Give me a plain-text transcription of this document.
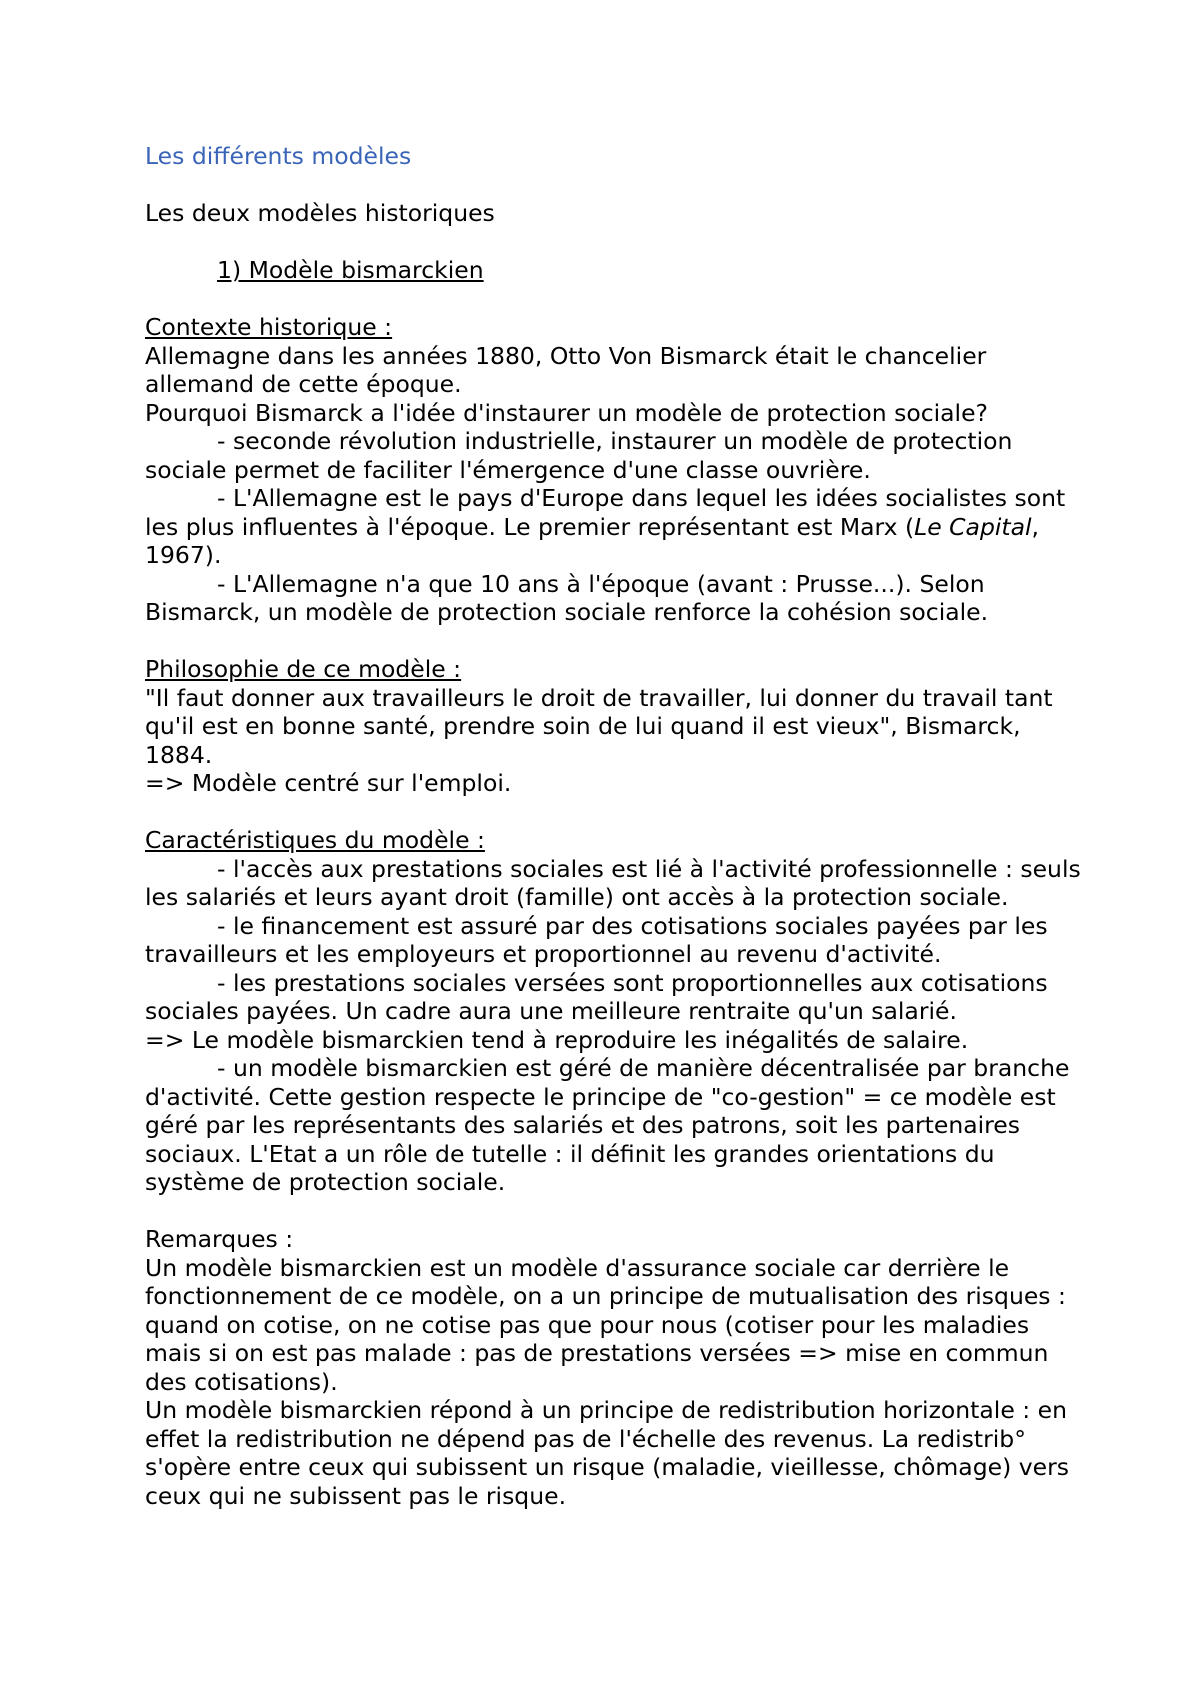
Les différents modèles

Les deux modèles historiques

1) Modèle bismarckien

Contexte historique :

Allemagne dans les années 1880, Otto Von Bismarck était le chancelier allemand de cette époque.

Pourquoi Bismarck a l'idée d'instaurer un modèle de protection sociale?

- seconde révolution industrielle, instaurer un modèle de protection sociale permet de faciliter l'émergence d'une classe ouvrière.

- L'Allemagne est le pays d'Europe dans lequel les idées socialistes sont les plus influentes à l'époque. Le premier représentant est Marx (Le Capital, 1967).

- L'Allemagne n'a que 10 ans à l'époque (avant : Prusse...). Selon Bismarck, un modèle de protection sociale renforce la cohésion sociale.

Philosophie de ce modèle :

"Il faut donner aux travailleurs le droit de travailler, lui donner du travail tant qu'il est en bonne santé, prendre soin de lui quand il est vieux", Bismarck, 1884.

=> Modèle centré sur l'emploi.

Caractéristiques du modèle :

- l'accès aux prestations sociales est lié à l'activité professionnelle : seuls les salariés et leurs ayant droit (famille) ont accès à la protection sociale.

- le financement est assuré par des cotisations sociales payées par les travailleurs et les employeurs et proportionnel au revenu d'activité.

- les prestations sociales versées sont proportionnelles aux cotisations sociales payées. Un cadre aura une meilleure rentraite qu'un salarié.

=> Le modèle bismarckien tend à reproduire les inégalités de salaire.

- un modèle bismarckien est géré de manière décentralisée par branche d'activité. Cette gestion respecte le principe de "co-gestion" = ce modèle est géré par les représentants des salariés et des patrons, soit les partenaires sociaux. L'Etat a un rôle de tutelle : il définit les grandes orientations du système de protection sociale.

Remarques :

Un modèle bismarckien est un modèle d'assurance sociale car derrière le fonctionnement de ce modèle, on a un principe de mutualisation des risques : quand on cotise, on ne cotise pas que pour nous (cotiser pour les maladies mais si on est pas malade : pas de prestations versées => mise en commun des cotisations).

Un modèle bismarckien répond à un principe de redistribution horizontale : en effet la redistribution ne dépend pas de l'échelle des revenus. La redistrib° s'opère entre ceux qui subissent un risque (maladie, vieillesse, chômage) vers ceux qui ne subissent pas le risque.
